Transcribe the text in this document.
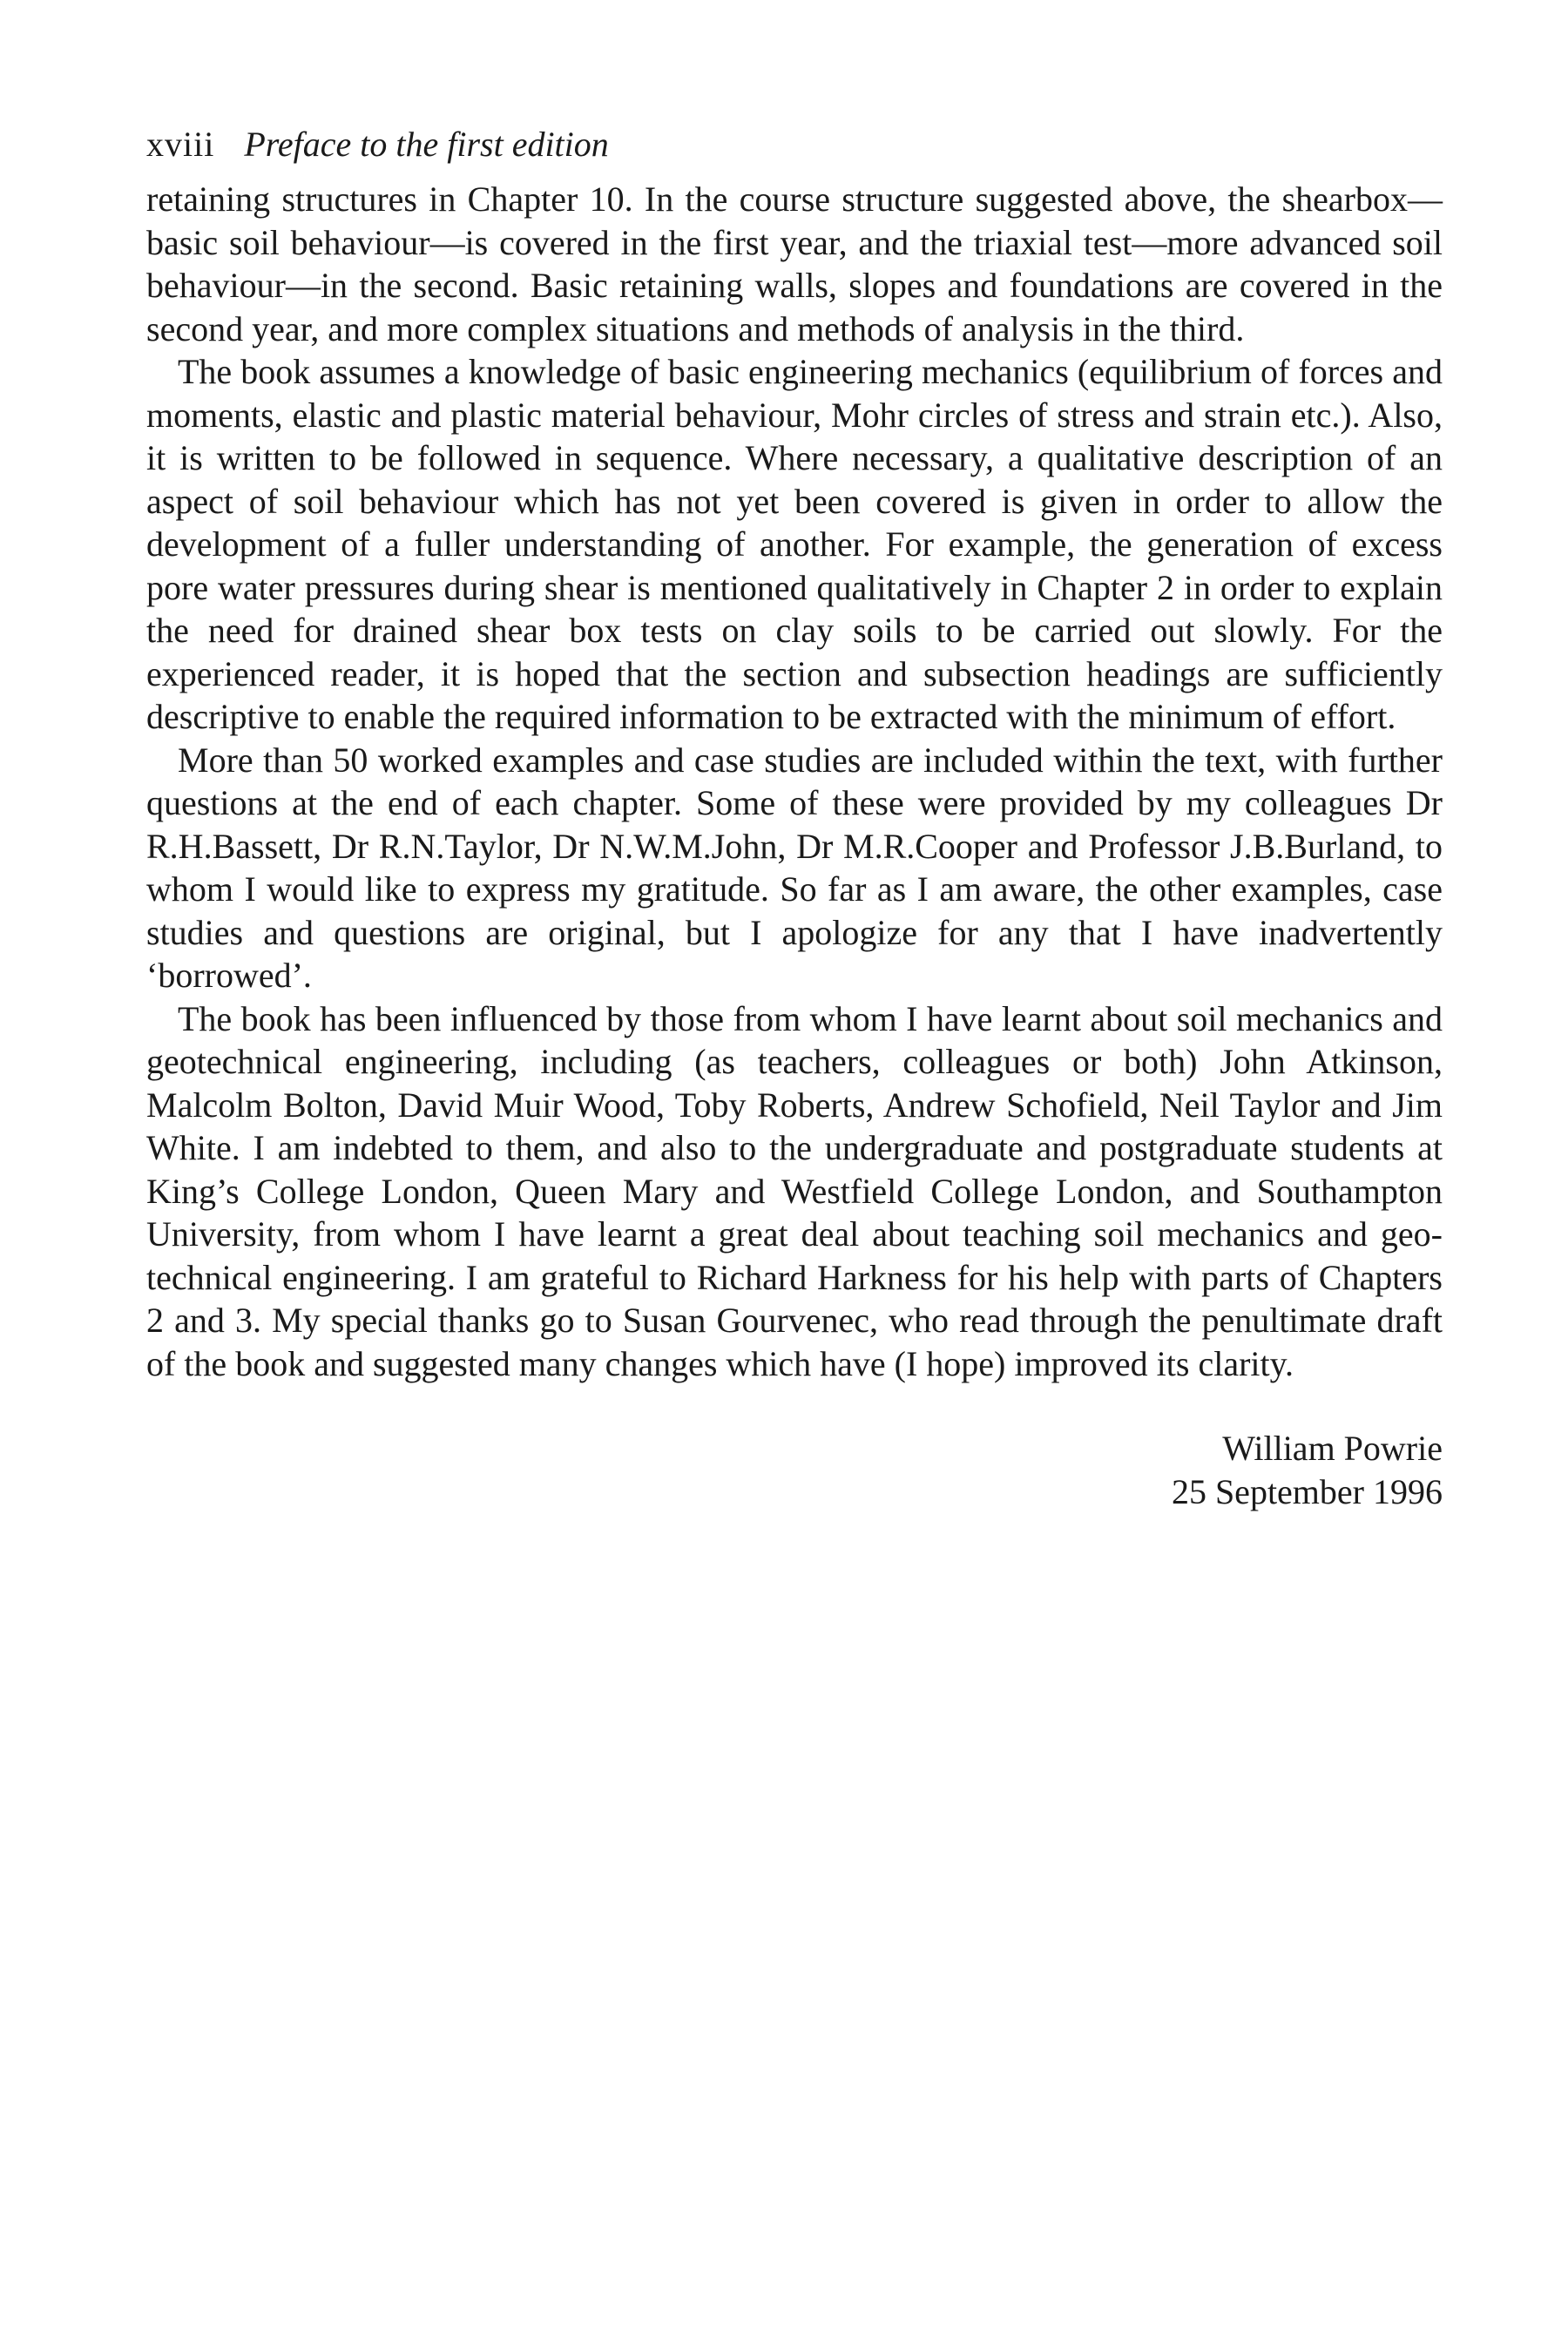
xviii Preface to the first edition

retaining structures in Chapter 10. In the course structure suggested above, the shearbox—basic soil behaviour—is covered in the first year, and the triaxial test—more advanced soil behaviour—in the second. Basic retaining walls, slopes and foundations are covered in the second year, and more complex situations and methods of analysis in the third.

The book assumes a knowledge of basic engineering mechanics (equilibrium of forces and moments, elastic and plastic material behaviour, Mohr circles of stress and strain etc.). Also, it is written to be followed in sequence. Where necessary, a qualitative description of an aspect of soil behaviour which has not yet been covered is given in order to allow the development of a fuller understanding of another. For example, the generation of excess pore water pressures during shear is mentioned qualitatively in Chapter 2 in order to explain the need for drained shear box tests on clay soils to be carried out slowly. For the experienced reader, it is hoped that the section and subsection headings are sufficiently descriptive to enable the required information to be extracted with the minimum of effort.

More than 50 worked examples and case studies are included within the text, with further questions at the end of each chapter. Some of these were provided by my colleagues Dr R.H.Bassett, Dr R.N.Taylor, Dr N.W.M.John, Dr M.R.Cooper and Professor J.B.Burland, to whom I would like to express my gratitude. So far as I am aware, the other examples, case studies and questions are original, but I apologize for any that I have inadvertently ‘borrowed’.

The book has been influenced by those from whom I have learnt about soil mechanics and geotechnical engineering, including (as teachers, colleagues or both) John Atkinson, Malcolm Bolton, David Muir Wood, Toby Roberts, Andrew Schofield, Neil Taylor and Jim White. I am indebted to them, and also to the undergraduate and postgraduate students at King’s College London, Queen Mary and Westfield College London, and Southampton University, from whom I have learnt a great deal about teaching soil mechanics and geotechnical engineering. I am grateful to Richard Harkness for his help with parts of Chapters 2 and 3. My special thanks go to Susan Gourvenec, who read through the penultimate draft of the book and suggested many changes which have (I hope) improved its clarity.

William Powrie
25 September 1996
